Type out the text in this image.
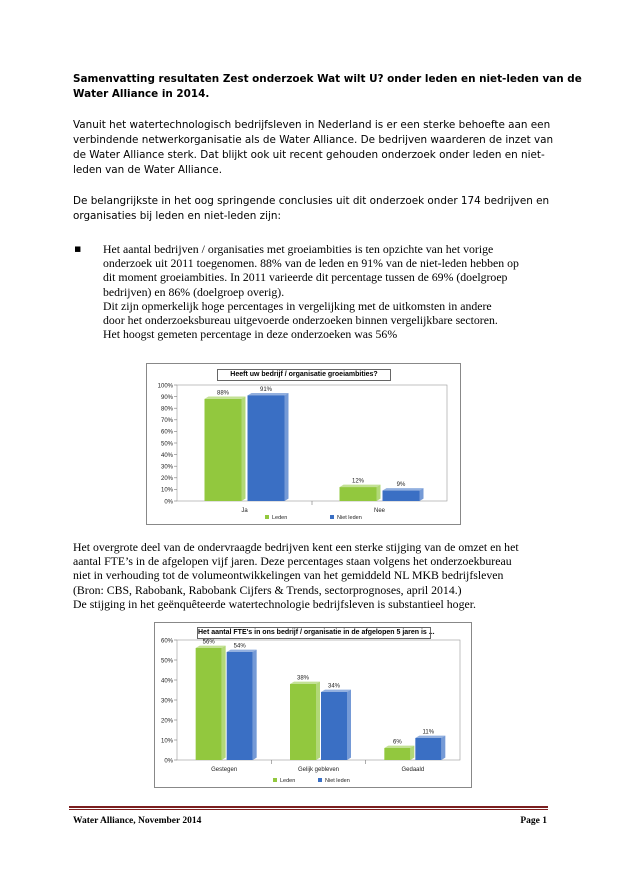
Samenvatting resultaten Zest onderzoek Wat wilt U? onder leden en niet-leden van de
Water Alliance in 2014.
Vanuit het watertechnologisch bedrijfsleven in Nederland is er een sterke behoefte aan een
verbindende netwerkorganisatie als de Water Alliance. De bedrijven waarderen de inzet van
de Water Alliance sterk. Dat blijkt ook uit recent gehouden onderzoek onder leden en niet-
leden van de Water Alliance.
De belangrijkste in het oog springende conclusies uit dit onderzoek onder 174 bedrijven en
organisaties bij leden en niet-leden zijn:
▪ Het aantal bedrijven / organisaties met groeiambities is ten opzichte van het vorige
onderzoek uit 2011 toegenomen. 88% van de leden en 91% van de niet-leden hebben op
dit moment groeiambities. In 2011 varieerde dit percentage tussen de 69% (doelgroep
bedrijven) en 86% (doelgroep overig).
Dit zijn opmerkelijk hoge percentages in vergelijking met de uitkomsten in andere
door het onderzoeksbureau uitgevoerde onderzoeken binnen vergelijkbare sectoren.
Het hoogst gemeten percentage in deze onderzoeken was 56%
Heeft uw bedrijf / organisatie groeiambities?
0%
10%
20%
30%
40%
50%
60%
70%
80%
90%
100%
88%
91%
Ja
12%
9%
Nee
Leden	Niet leden
Het overgrote deel van de ondervraagde bedrijven kent een sterke stijging van de omzet en het
aantal FTE’s in de afgelopen vijf jaren. Deze percentages staan volgens het onderzoekbureau
niet in verhouding tot de volumeontwikkelingen van het gemiddeld NL MKB bedrijfsleven
(Bron: CBS, Rabobank, Rabobank Cijfers & Trends, sectorprognoses, april 2014.)
De stijging in het geënquêteerde watertechnologie bedrijfsleven is substantieel hoger.
Het aantal FTE's in ons bedrijf / organisatie in de afgelopen 5 jaren is ...
0%
10%
20%
30%
40%
50%
60%	56%
54%
Gestegen
38%
34%
Gelijk gebleven
6%
11%
Gedaald
Leden	Niet leden
Water Alliance, November 2014	Page 1
